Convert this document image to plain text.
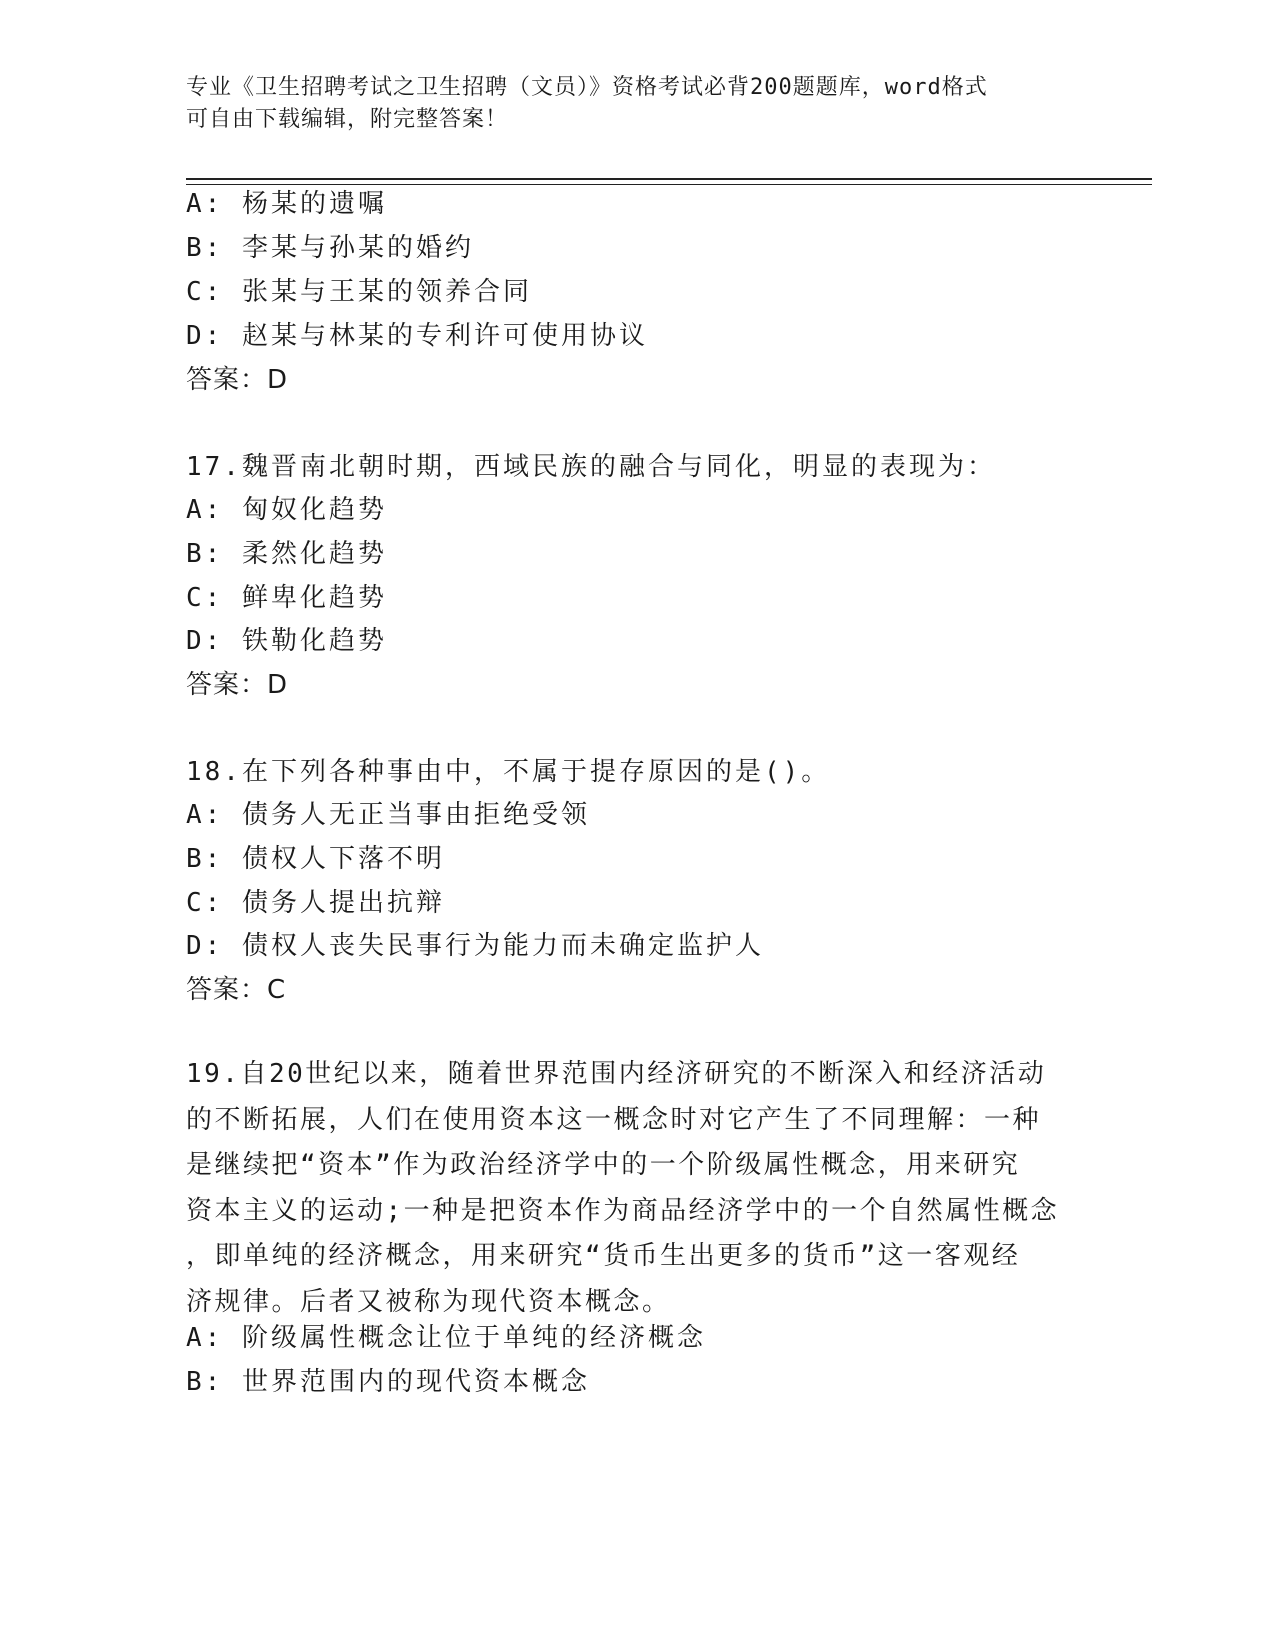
专业《卫生招聘考试之卫生招聘（文员）》资格考试必背200题题库，word格式
可自由下载编辑，附完整答案！
A: 杨某的遗嘱
B: 李某与孙某的婚约
C: 张某与王某的领养合同
D: 赵某与林某的专利许可使用协议
答案：D
17.魏晋南北朝时期，西域民族的融合与同化，明显的表现为：
A: 匈奴化趋势
B: 柔然化趋势
C: 鲜卑化趋势
D: 铁勒化趋势
答案：D
18.在下列各种事由中，不属于提存原因的是()。
A: 债务人无正当事由拒绝受领
B: 债权人下落不明
C: 债务人提出抗辩
D: 债权人丧失民事行为能力而未确定监护人
答案：C
19.自20世纪以来，随着世界范围内经济研究的不断深入和经济活动
的不断拓展，人们在使用资本这一概念时对它产生了不同理解：一种
是继续把“资本”作为政治经济学中的一个阶级属性概念，用来研究
资本主义的运动;一种是把资本作为商品经济学中的一个自然属性概念
，即单纯的经济概念，用来研究“货币生出更多的货币”这一客观经
济规律。后者又被称为现代资本概念。
A: 阶级属性概念让位于单纯的经济概念
B: 世界范围内的现代资本概念
